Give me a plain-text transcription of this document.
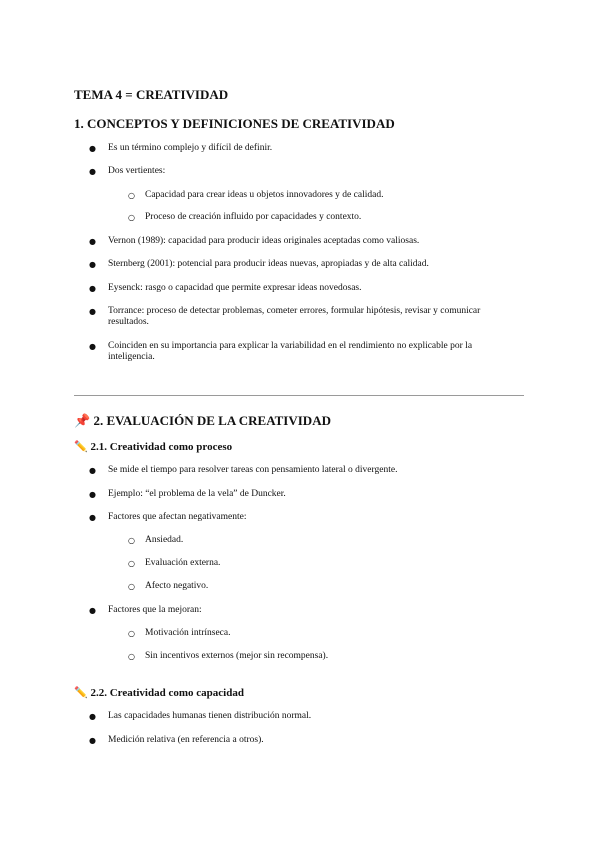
TEMA 4 = CREATIVIDAD
1. CONCEPTOS Y DEFINICIONES DE CREATIVIDAD
● Es un término complejo y difícil de definir.
● Dos vertientes:
○ Capacidad para crear ideas u objetos innovadores y de calidad.
○ Proceso de creación influido por capacidades y contexto.
● Vernon (1989): capacidad para producir ideas originales aceptadas como valiosas.
● Sternberg (2001): potencial para producir ideas nuevas, apropiadas y de alta calidad.
● Eysenck: rasgo o capacidad que permite expresar ideas novedosas.
● Torrance: proceso de detectar problemas, cometer errores, formular hipótesis, revisar y comunicar resultados.
● Coinciden en su importancia para explicar la variabilidad en el rendimiento no explicable por la inteligencia.
📌 2. EVALUACIÓN DE LA CREATIVIDAD
✏️ 2.1. Creatividad como proceso
● Se mide el tiempo para resolver tareas con pensamiento lateral o divergente.
● Ejemplo: “el problema de la vela” de Duncker.
● Factores que afectan negativamente:
○ Ansiedad.
○ Evaluación externa.
○ Afecto negativo.
● Factores que la mejoran:
○ Motivación intrínseca.
○ Sin incentivos externos (mejor sin recompensa).
✏️ 2.2. Creatividad como capacidad
● Las capacidades humanas tienen distribución normal.
● Medición relativa (en referencia a otros).
